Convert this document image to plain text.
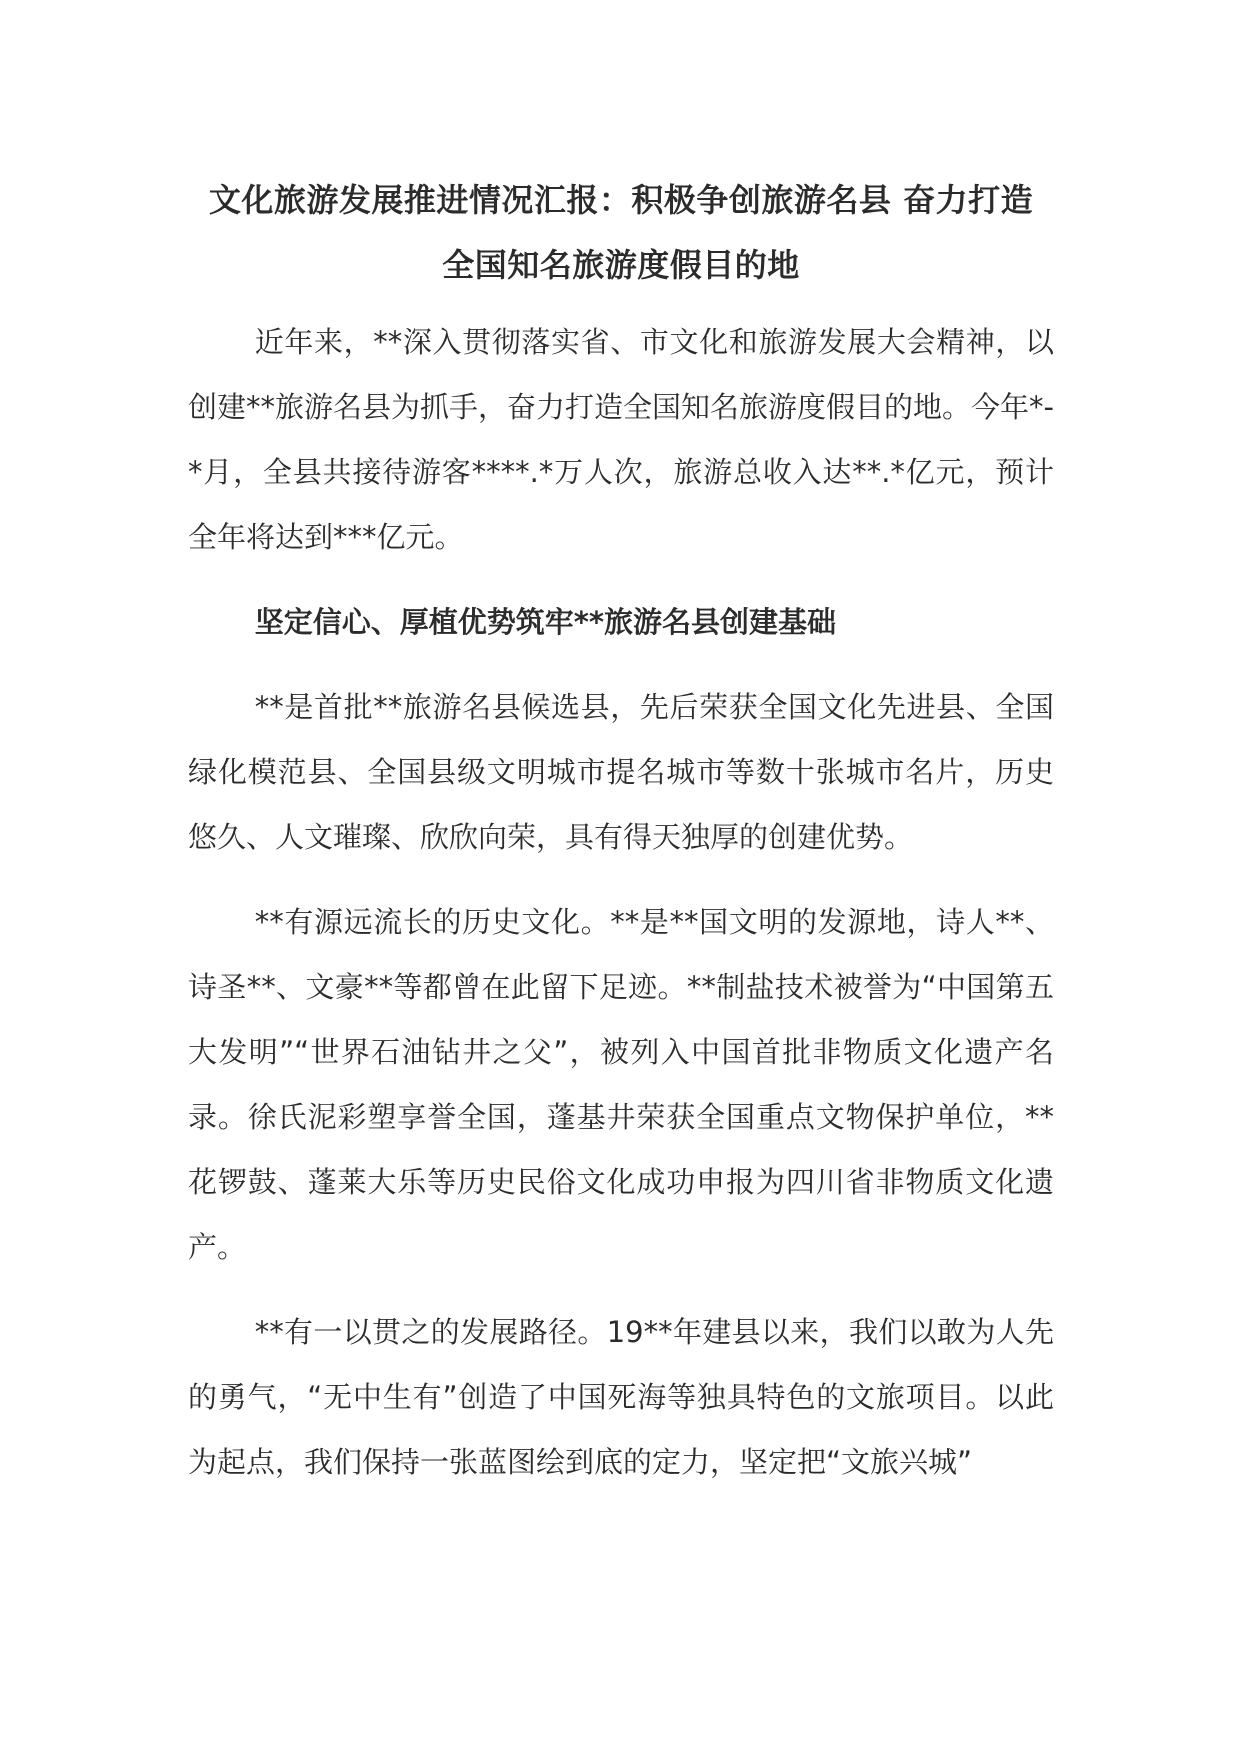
文化旅游发展推进情况汇报：积极争创旅游名县 奋力打造
全国知名旅游度假目的地

近年来，**深入贯彻落实省、市文化和旅游发展大会精神，以创建**旅游名县为抓手，奋力打造全国知名旅游度假目的地。今年*-*月，全县共接待游客****.*万人次，旅游总收入达**.*亿元，预计全年将达到***亿元。

坚定信心、厚植优势筑牢**旅游名县创建基础

**是首批**旅游名县候选县，先后荣获全国文化先进县、全国绿化模范县、全国县级文明城市提名城市等数十张城市名片，历史悠久、人文璀璨、欣欣向荣，具有得天独厚的创建优势。

**有源远流长的历史文化。**是**国文明的发源地，诗人**、诗圣**、文豪**等都曾在此留下足迹。**制盐技术被誉为“中国第五大发明”“世界石油钻井之父”，被列入中国首批非物质文化遗产名录。徐氏泥彩塑享誉全国，蓬基井荣获全国重点文物保护单位，**花锣鼓、蓬莱大乐等历史民俗文化成功申报为四川省非物质文化遗产。

**有一以贯之的发展路径。19**年建县以来，我们以敢为人先的勇气，“无中生有”创造了中国死海等独具特色的文旅项目。以此为起点，我们保持一张蓝图绘到底的定力，坚定把“文旅兴城”
